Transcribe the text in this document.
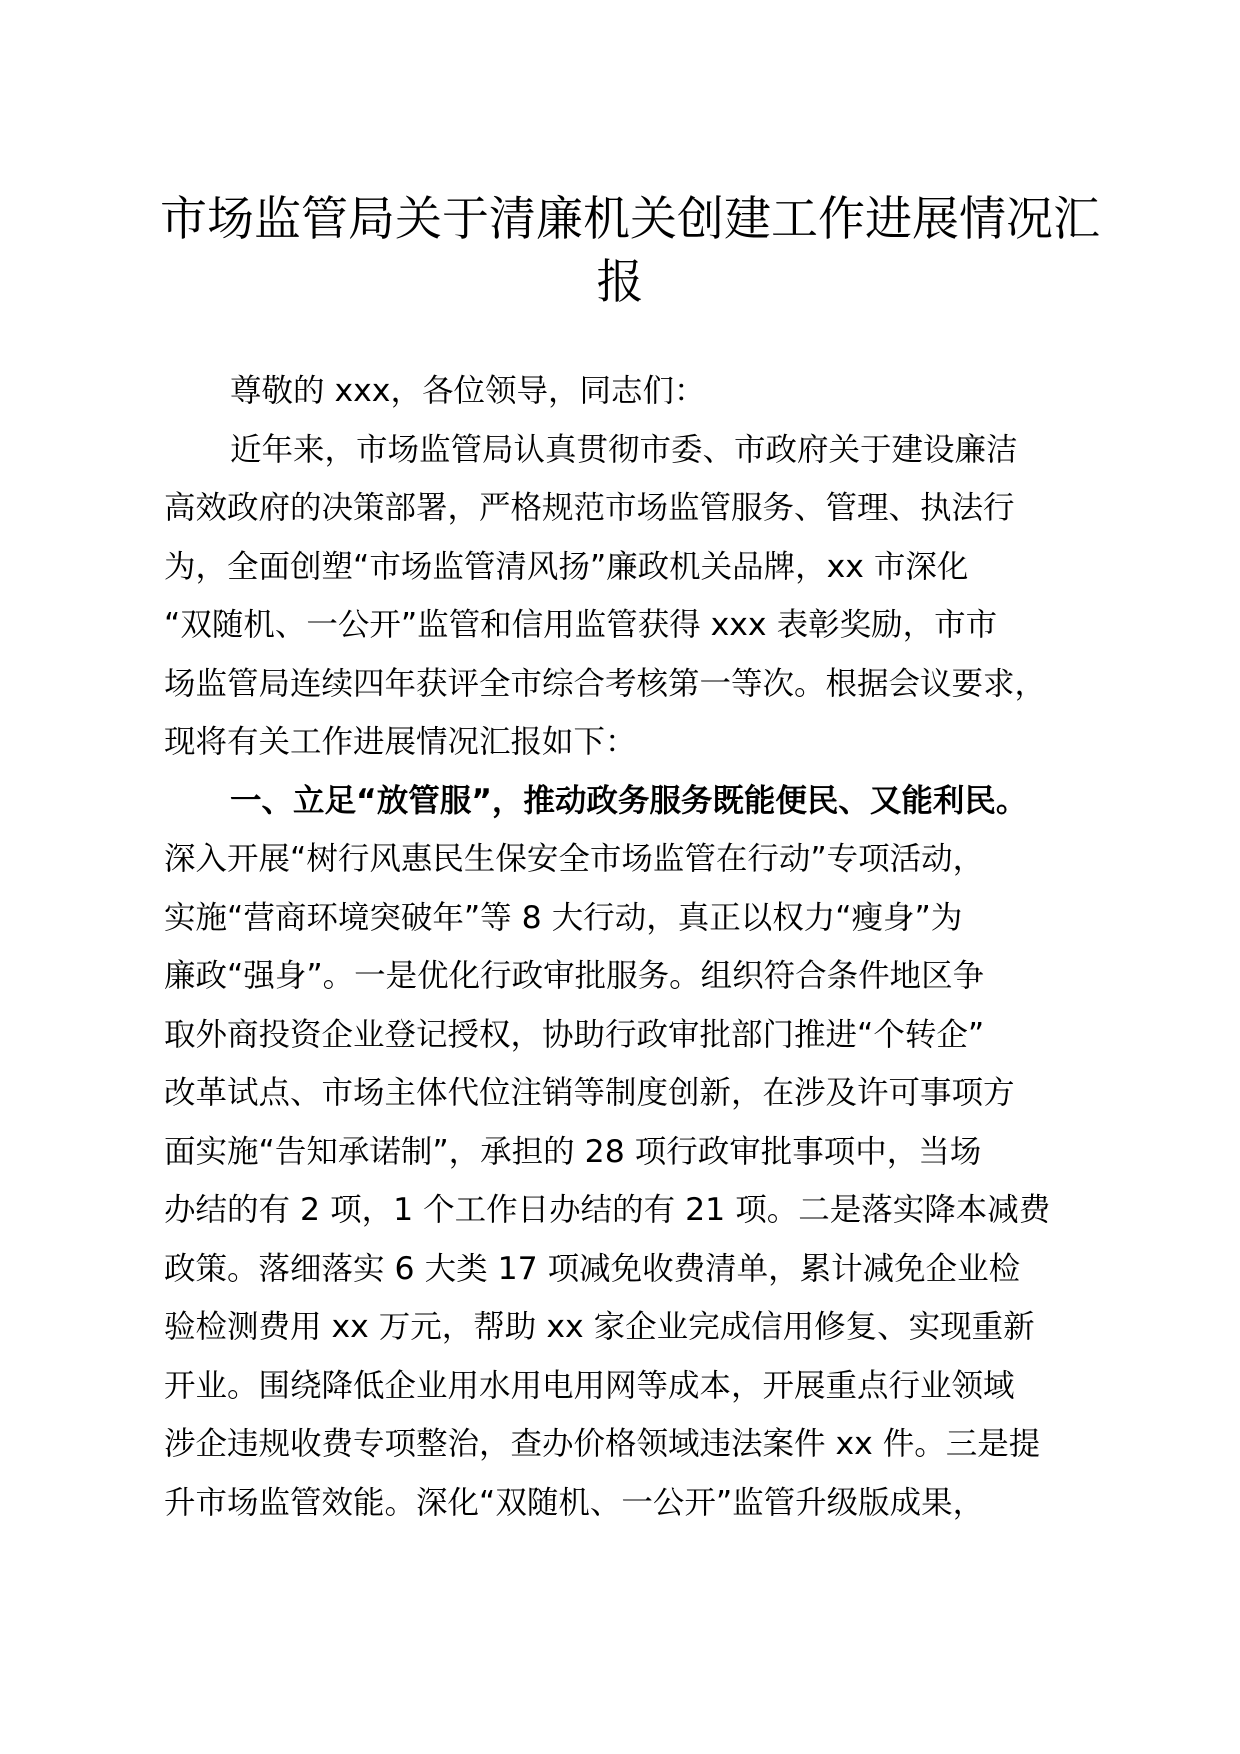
市场监管局关于清廉机关创建工作进展情况汇
报
尊敬的 xxx，各位领导，同志们：
近年来，市场监管局认真贯彻市委、市政府关于建设廉洁
高效政府的决策部署，严格规范市场监管服务、管理、执法行
为，全面创塑“市场监管清风扬”廉政机关品牌，xx 市深化
“双随机、一公开”监管和信用监管获得 xxx 表彰奖励，市市
场监管局连续四年获评全市综合考核第一等次。根据会议要求，
现将有关工作进展情况汇报如下：
一、立足“放管服”，推动政务服务既能便民、又能利民。
深入开展“树行风惠民生保安全市场监管在行动”专项活动，
实施“营商环境突破年”等 8 大行动，真正以权力“瘦身”为
廉政“强身”。一是优化行政审批服务。组织符合条件地区争
取外商投资企业登记授权，协助行政审批部门推进“个转企”
改革试点、市场主体代位注销等制度创新，在涉及许可事项方
面实施“告知承诺制”，承担的 28 项行政审批事项中，当场
办结的有 2 项，1 个工作日办结的有 21 项。二是落实降本减费
政策。落细落实 6 大类 17 项减免收费清单，累计减免企业检
验检测费用 xx 万元，帮助 xx 家企业完成信用修复、实现重新
开业。围绕降低企业用水用电用网等成本，开展重点行业领域
涉企违规收费专项整治，查办价格领域违法案件 xx 件。三是提
升市场监管效能。深化“双随机、一公开”监管升级版成果，
